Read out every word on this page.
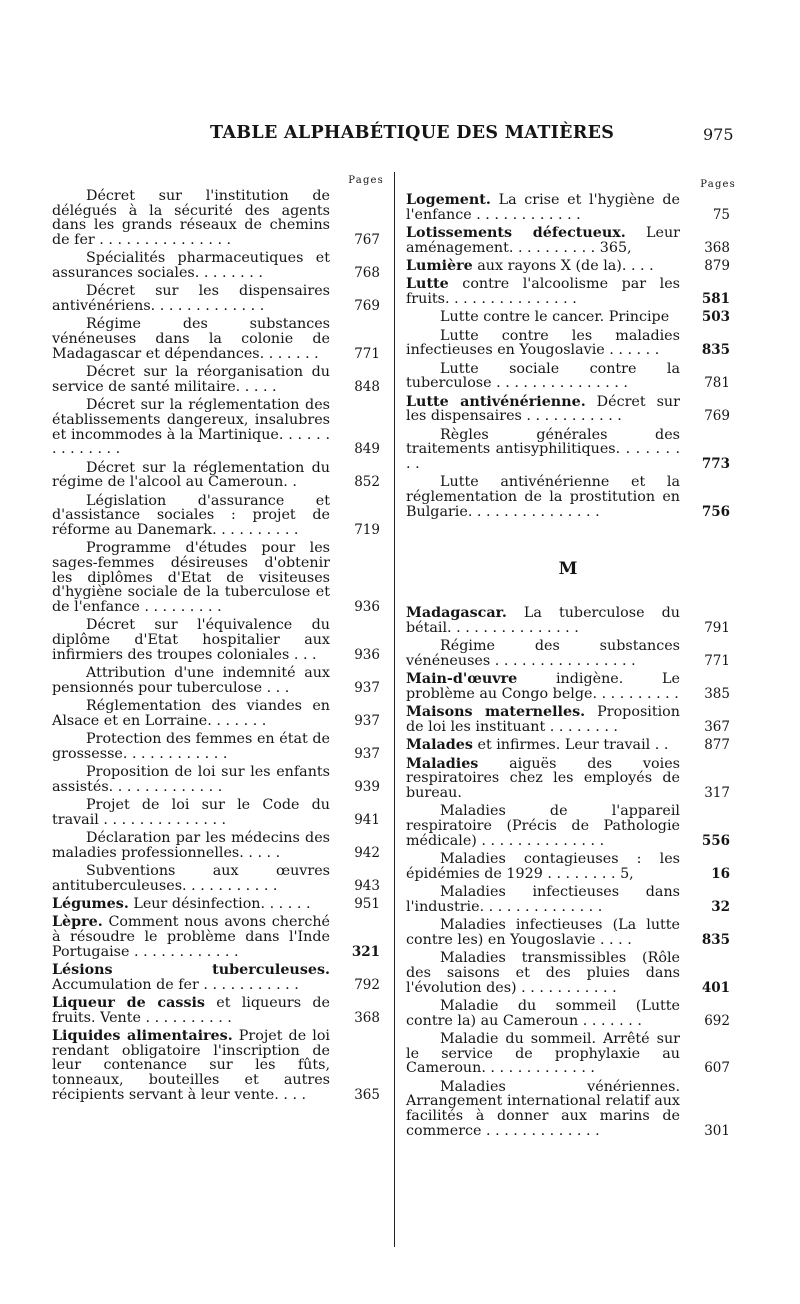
TABLE ALPHABÉTIQUE DES MATIÈRES	975
Pages
Décret sur l'institution de délégués à la sécurité des agents dans les grands réseaux de chemins de fer . . . . . . . . . . . . . . .	767
Spécialités pharmaceutiques et assurances sociales. . . . . . . .	768
Décret sur les dispensaires antivénériens. . . . . . . . . . . . .	769
Régime des substances vénéneuses dans la colonie de Madagascar et dépendances. . . . . . .	771
Décret sur la réorganisation du service de santé militaire. . . . .	848
Décret sur la réglementation des établissements dangereux, insalubres et incommodes à la Martinique. . . . . . . . . . . . . .	849
Décret sur la réglementation du régime de l'alcool au Cameroun. .	852
Législation d'assurance et d'assistance sociales : projet de réforme au Danemark. . . . . . . . . .	719
Programme d'études pour les sages-femmes désireuses d'obtenir les diplômes d'Etat de visiteuses d'hygiène sociale de la tuberculose et de l'enfance . . . . . . . . .	936
Décret sur l'équivalence du diplôme d'Etat hospitalier aux infirmiers des troupes coloniales . . .	936
Attribution d'une indemnité aux pensionnés pour tuberculose . . .	937
Réglementation des viandes en Alsace et en Lorraine. . . . . . .	937
Protection des femmes en état de grossesse. . . . . . . . . . . .	937
Proposition de loi sur les enfants assistés. . . . . . . . . . . . .	939
Projet de loi sur le Code du travail . . . . . . . . . . . . . .	941
Déclaration par les médecins des maladies professionnelles. . . . .	942
Subventions aux œuvres antituberculeuses. . . . . . . . . . .	943
Légumes. Leur désinfection. . . . . .	951
Lèpre. Comment nous avons cherché à résoudre le problème dans l'Inde Portugaise . . . . . . . . . . . .	321
Lésions tuberculeuses. Accumulation de fer . . . . . . . . . . .	792
Liqueur de cassis et liqueurs de fruits. Vente . . . . . . . . . .	368
Liquides alimentaires. Projet de loi rendant obligatoire l'inscription de leur contenance sur les fûts, tonneaux, bouteilles et autres récipients servant à leur vente. . . .	365
Pages
Logement. La crise et l'hygiène de l'enfance . . . . . . . . . . . .	75
Lotissements défectueux. Leur aménagement. . . . . . . . . . 365,	368
Lumière aux rayons X (de la). . . .	879
Lutte contre l'alcoolisme par les fruits. . . . . . . . . . . . . . .	581
Lutte contre le cancer. Principe	503
Lutte contre les maladies infectieuses en Yougoslavie . . . . . .	835
Lutte sociale contre la tuberculose . . . . . . . . . . . . . . .	781
Lutte antivénérienne. Décret sur les dispensaires . . . . . . . . . . .	769
Règles générales des traitements antisyphilitiques. . . . . . . . .	773
Lutte antivénérienne et la réglementation de la prostitution en Bulgarie. . . . . . . . . . . . . . .	756
M
Madagascar. La tuberculose du bétail. . . . . . . . . . . . . . .	791
Régime des substances vénéneuses . . . . . . . . . . . . . . . .	771
Main-d'œuvre indigène. Le problème au Congo belge. . . . . . . . . .	385
Maisons maternelles. Proposition de loi les instituant . . . . . . . .	367
Malades et infirmes. Leur travail . .	877
Maladies aiguës des voies respiratoires chez les employés de bureau.	317
Maladies de l'appareil respiratoire (Précis de Pathologie médicale) . . . . . . . . . . . . . .	556
Maladies contagieuses : les épidémies de 1929 . . . . . . . . 5,	16
Maladies infectieuses dans l'industrie. . . . . . . . . . . . . .	32
Maladies infectieuses (La lutte contre les) en Yougoslavie . . . .	835
Maladies transmissibles (Rôle des saisons et des pluies dans l'évolution des) . . . . . . . . . . .	401
Maladie du sommeil (Lutte contre la) au Cameroun . . . . . . .	692
Maladie du sommeil. Arrêté sur le service de prophylaxie au Cameroun. . . . . . . . . . . . .	607
Maladies vénériennes. Arrangement international relatif aux facilités à donner aux marins de commerce . . . . . . . . . . . . .	301
